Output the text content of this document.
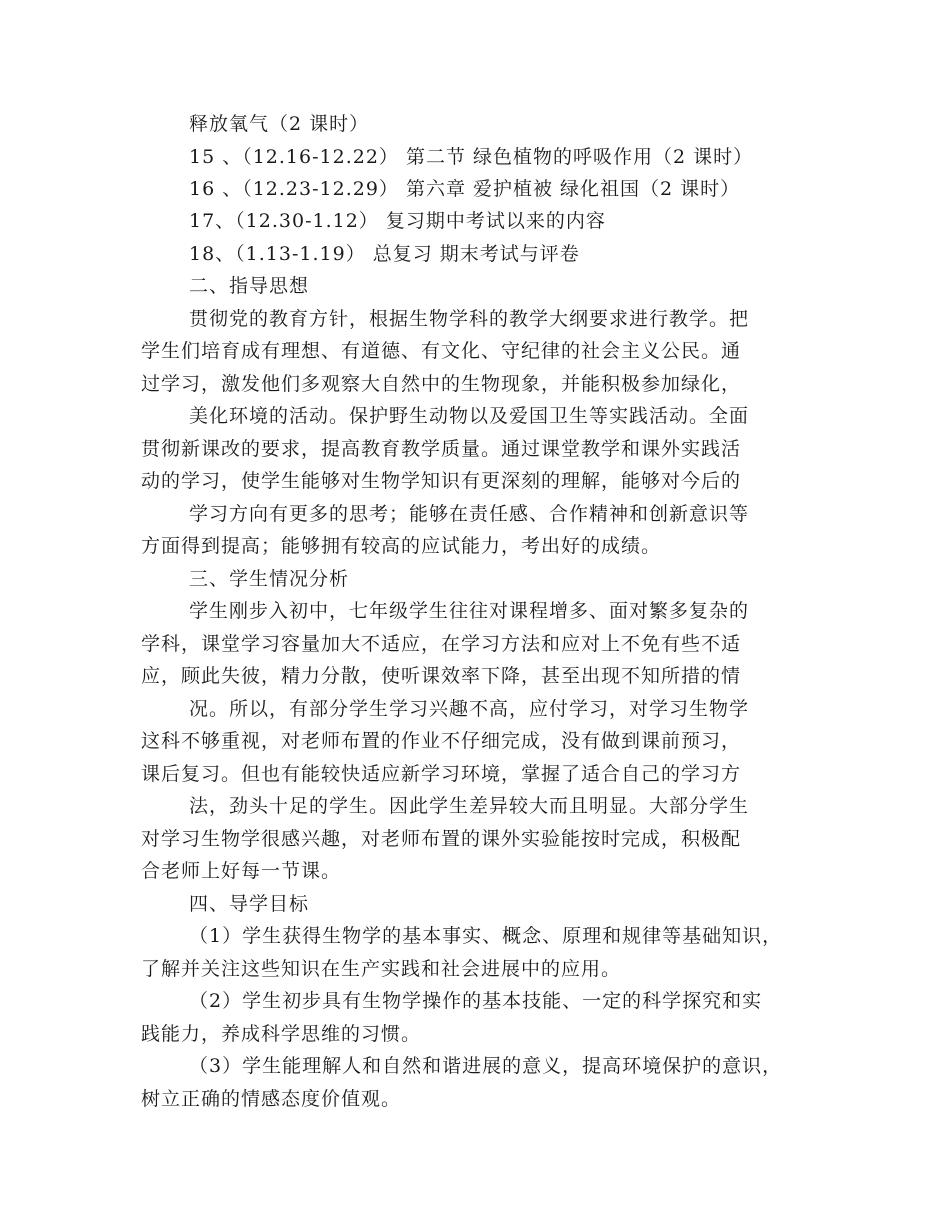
释放氧气（2 课时）
15 、（12.16-12.22） 第二节 绿色植物的呼吸作用（2 课时）
16 、（12.23-12.29） 第六章 爱护植被 绿化祖国（2 课时）
17、（12.30-1.12） 复习期中考试以来的内容
18、（1.13-1.19） 总复习 期末考试与评卷
二、指导思想
贯彻党的教育方针，根据生物学科的教学大纲要求进行教学。把
学生们培育成有理想、有道德、有文化、守纪律的社会主义公民。通
过学习，激发他们多观察大自然中的生物现象，并能积极参加绿化，
美化环境的活动。保护野生动物以及爱国卫生等实践活动。全面
贯彻新课改的要求，提高教育教学质量。通过课堂教学和课外实践活
动的学习，使学生能够对生物学知识有更深刻的理解，能够对今后的
学习方向有更多的思考；能够在责任感、合作精神和创新意识等
方面得到提高；能够拥有较高的应试能力，考出好的成绩。
三、学生情况分析
学生刚步入初中，七年级学生往往对课程增多、面对繁多复杂的
学科，课堂学习容量加大不适应，在学习方法和应对上不免有些不适
应，顾此失彼，精力分散，使听课效率下降，甚至出现不知所措的情
况。所以，有部分学生学习兴趣不高，应付学习，对学习生物学
这科不够重视，对老师布置的作业不仔细完成，没有做到课前预习，
课后复习。但也有能较快适应新学习环境，掌握了适合自己的学习方
法，劲头十足的学生。因此学生差异较大而且明显。大部分学生
对学习生物学很感兴趣，对老师布置的课外实验能按时完成，积极配
合老师上好每一节课。
四、导学目标
（1）学生获得生物学的基本事实、概念、原理和规律等基础知识，
了解并关注这些知识在生产实践和社会进展中的应用。
（2）学生初步具有生物学操作的基本技能、一定的科学探究和实
践能力，养成科学思维的习惯。
（3）学生能理解人和自然和谐进展的意义，提高环境保护的意识，
树立正确的情感态度价值观。
